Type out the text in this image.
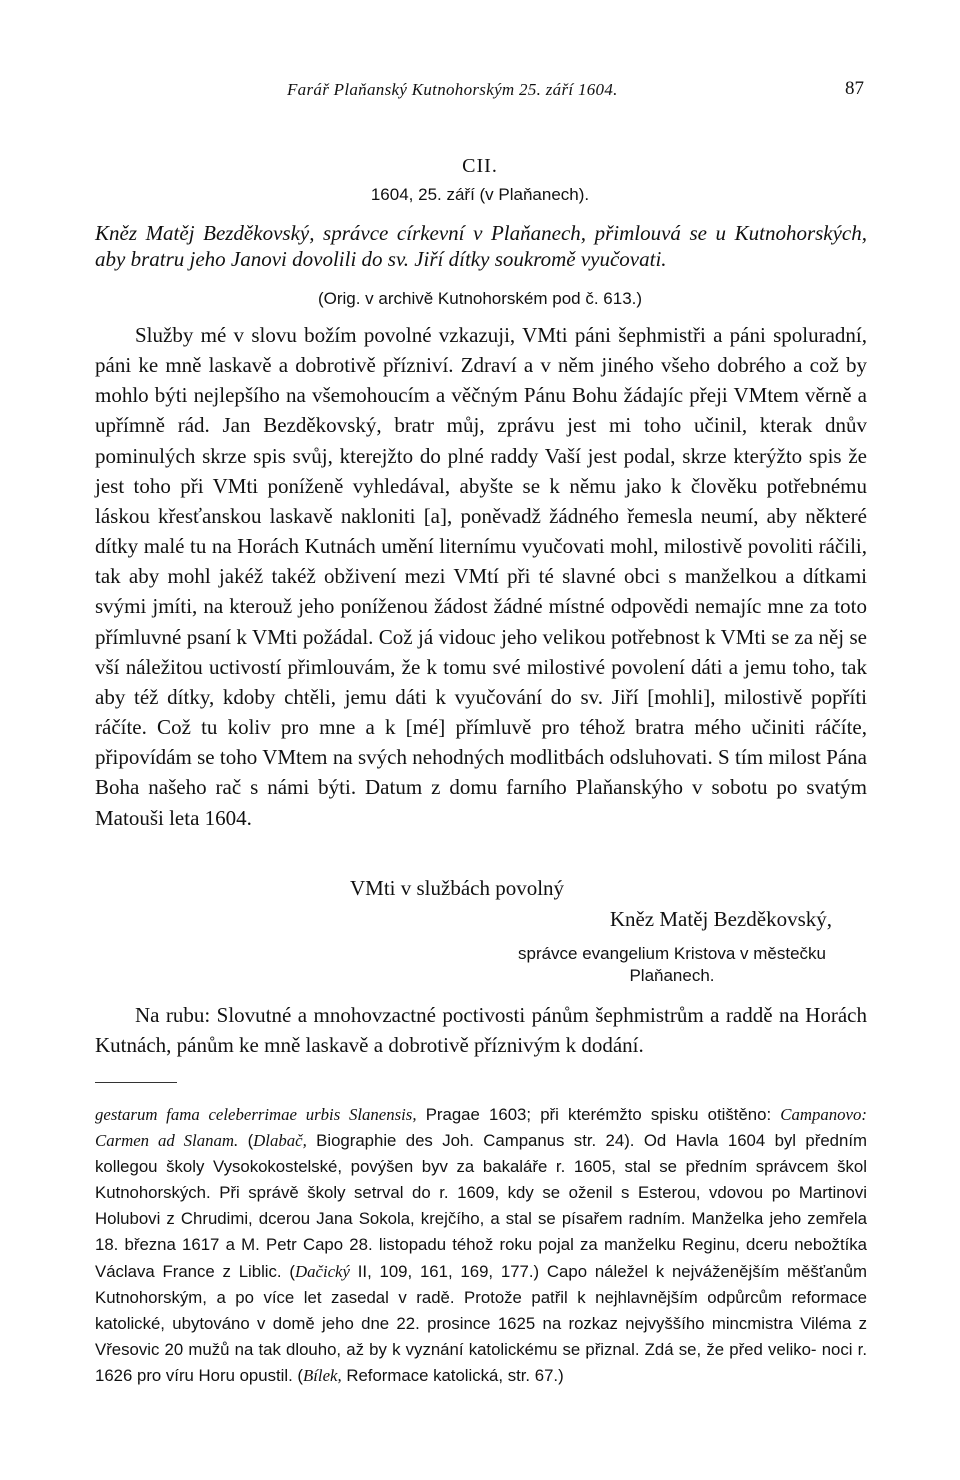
Farář Plaňanský Kutnohorským 25. září 1604.	87
CII.
1604, 25. září (v Plaňanech).
Kněz Matěj Bezděkovský, správce církevní v Plaňanech, přimlouvá se u Kutnohorských, aby bratru jeho Janovi dovolili do sv. Jiří dítky soukromě vyučovati.
(Orig. v archivě Kutnohorském pod č. 613.)

Služby mé v slovu božím povolné vzkazuji, VMti páni šephmistři a páni spoluradní, páni ke mně laskavě a dobrotivě přízniví. Zdraví a v něm jiného všeho dobrého a což by mohlo býti nejlepšího na všemohoucím a věčným Pánu Bohu žádajíc přeji VMtem věrně a upřímně rád. Jan Bezděkovský, bratr můj, zprávu jest mi toho učinil, kterak dnův pominulých skrze spis svůj, kterejžto do plné raddy Vaší jest podal, skrze kterýžto spis že jest toho při VMti poníženě vyhledával, abyšte se k němu jako k člověku potřebnému láskou křesťanskou laskavě nakloniti [a], poněvadž žádného řemesla neumí, aby některé dítky malé tu na Horách Kutnách umění liternímu vyučovati mohl, milostivě povoliti ráčili, tak aby mohl jakéž takéž obživení mezi VMtí při té slavné obci s manželkou a dítkami svými jmíti, na kterouž jeho poníženou žádost žádné místné odpovědi nemajíc mne za toto přímluvné psaní k VMti požádal. Což já vidouc jeho velikou potřebnost k VMti se za něj se vší náležitou uctivostí přimlouvám, že k tomu své milostivé povolení dáti a jemu toho, tak aby též dítky, kdoby chtěli, jemu dáti k vyučování do sv. Jiří [mohli], milostivě popříti ráčíte. Což tu koliv pro mne a k [mé] přímluvě pro téhož bratra mého učiniti ráčíte, připovídám se toho VMtem na svých nehodných modlitbách odsluhovati. S tím milost Pána Boha našeho rač s námi býti. Datum z domu farního Plaňanskýho v sobotu po svatým Matouši leta 1604.

VMti v službách povolný
Kněz Matěj Bezděkovský,
správce evangelium Kristova v městečku
Plaňanech.

Na rubu: Slovutné a mnohovzactné poctivosti pánům šephmistrům a raddě na Horách Kutnách, pánům ke mně laskavě a dobrotivě příznivým k dodání.

gestarum fama celeberrimae urbis Slanensis, Pragae 1603; při kterémžto spisku otištěno: Campanovo: Carmen ad Slanam. (Dlabač, Biographie des Joh. Campanus str. 24). Od Havla 1604 byl předním kollegou školy Vysokokostelské, povýšen byv za bakaláře r. 1605, stal se předním správcem škol Kutnohorských. Při správě školy setrval do r. 1609, kdy se oženil s Esterou, vdovou po Martinovi Holubovi z Chrudimi, dcerou Jana Sokola, krejčího, a stal se písařem radním. Manželka jeho zemřela 18. března 1617 a M. Petr Capo 28. listopadu téhož roku pojal za manželku Reginu, dceru nebožtíka Václava France z Liblic. (Dačický II, 109, 161, 169, 177.) Capo náležel k nejváženějším měšťanům Kutnohorským, a po více let zasedal v radě. Protože patřil k nejhlavnějším odpůrcům reformace katolické, ubytováno v domě jeho dne 22. prosince 1625 na rozkaz nejvyššího mincmistra Viléma z Vřesovic 20 mužů na tak dlouho, až by k vyznání katolickému se přiznal. Zdá se, že před veliko- noci r. 1626 pro víru Horu opustil. (Bílek, Reformace katolická, str. 67.)
